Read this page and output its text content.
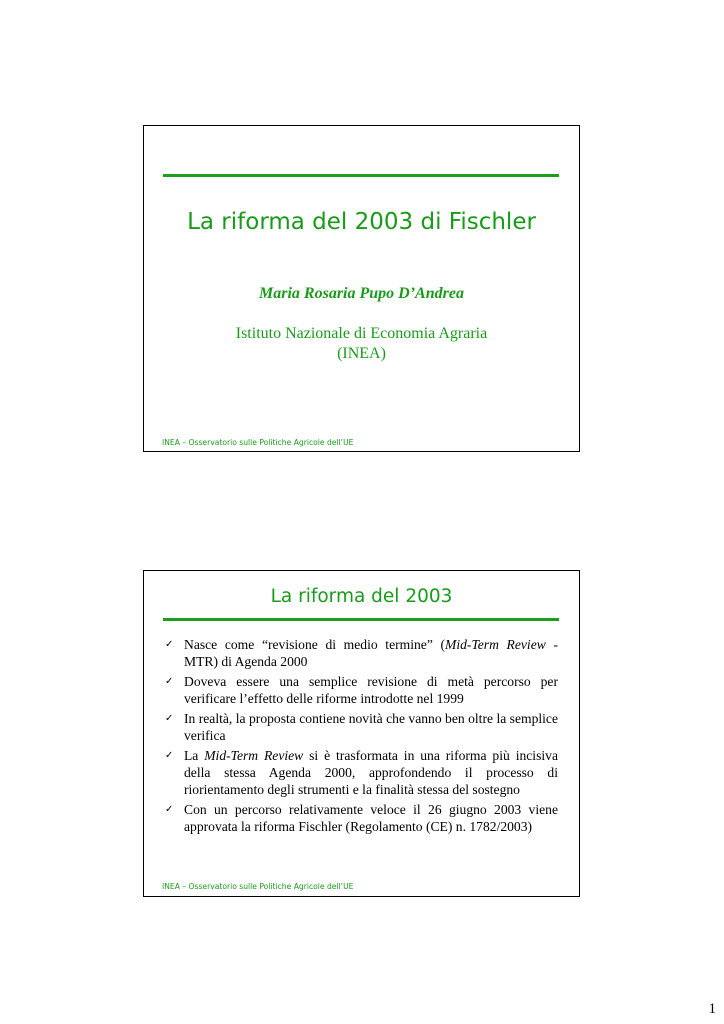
La riforma del 2003 di Fischler
Maria Rosaria Pupo D’Andrea
Istituto Nazionale di Economia Agraria
(INEA)
INEA – Osservatorio sulle Politiche Agricole dell’UE
La riforma del 2003
✓ Nasce come “revisione di medio termine” (Mid-Term Review - MTR) di Agenda 2000
✓ Doveva essere una semplice revisione di metà percorso per verificare l’effetto delle riforme introdotte nel 1999
✓ In realtà, la proposta contiene novità che vanno ben oltre la semplice verifica
✓ La Mid-Term Review si è trasformata in una riforma più incisiva della stessa Agenda 2000, approfondendo il processo di riorientamento degli strumenti e la finalità stessa del sostegno
✓ Con un percorso relativamente veloce il 26 giugno 2003 viene approvata la riforma Fischler (Regolamento (CE) n. 1782/2003)
INEA – Osservatorio sulle Politiche Agricole dell’UE
1
